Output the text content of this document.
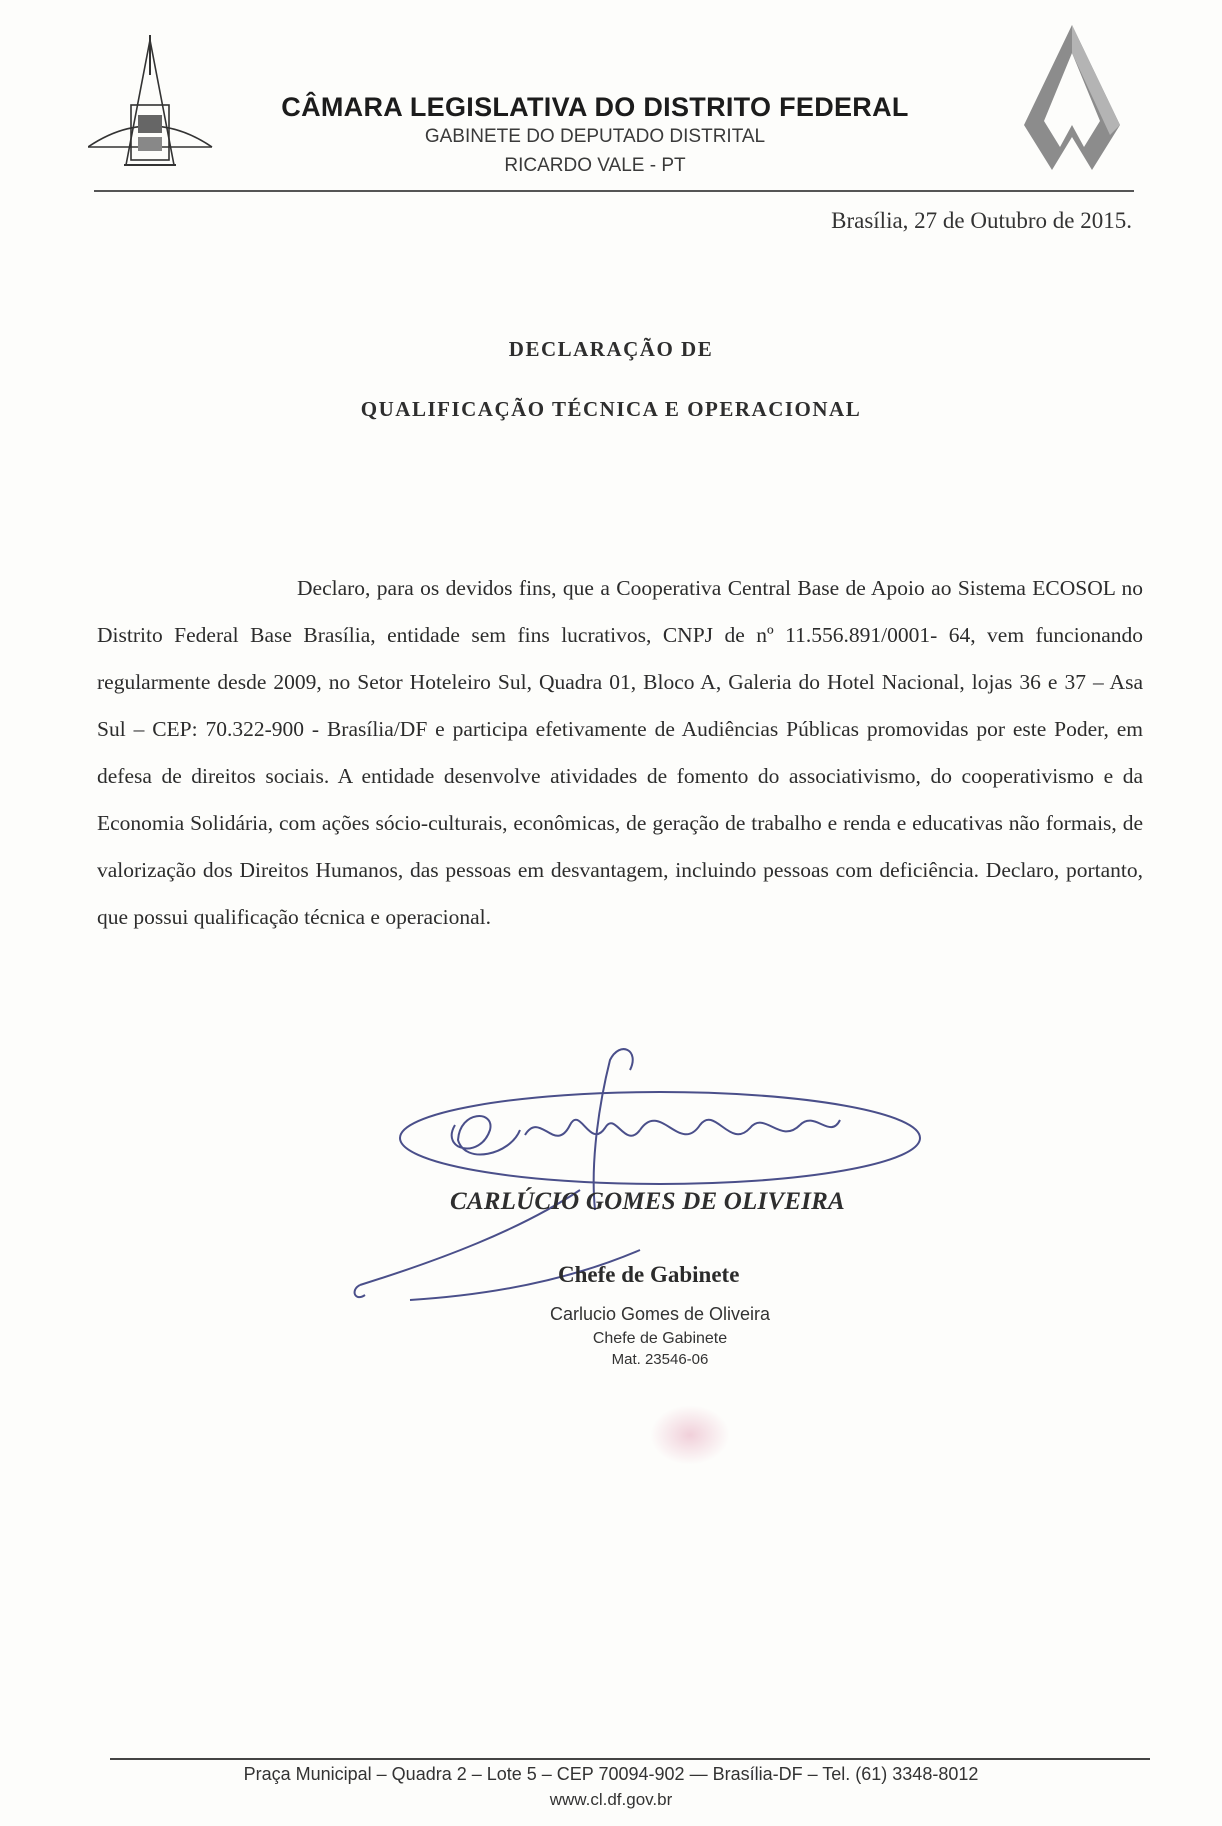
CÂMARA LEGISLATIVA DO DISTRITO FEDERAL
GABINETE DO DEPUTADO DISTRITAL
RICARDO VALE - PT
Brasília, 27 de Outubro de 2015.
DECLARAÇÃO DE
QUALIFICAÇÃO TÉCNICA E OPERACIONAL
Declaro, para os devidos fins, que a Cooperativa Central Base de Apoio ao Sistema ECOSOL no Distrito Federal Base Brasília, entidade sem fins lucrativos, CNPJ de nº 11.556.891/0001- 64, vem funcionando regularmente desde 2009, no Setor Hoteleiro Sul, Quadra 01, Bloco A, Galeria do Hotel Nacional, lojas 36 e 37 – Asa Sul – CEP: 70.322-900 - Brasília/DF e participa efetivamente de Audiências Públicas promovidas por este Poder, em defesa de direitos sociais. A entidade desenvolve atividades de fomento do associativismo, do cooperativismo e da Economia Solidária, com ações sócio-culturais, econômicas, de geração de trabalho e renda e educativas não formais, de valorização dos Direitos Humanos, das pessoas em desvantagem, incluindo pessoas com deficiência. Declaro, portanto, que possui qualificação técnica e operacional.
CARLÚCIO GOMES DE OLIVEIRA
Chefe de Gabinete
Carlucio Gomes de Oliveira
Chefe de Gabinete
Mat. 23546-06
Praça Municipal – Quadra 2 – Lote 5 – CEP 70094-902 — Brasília-DF – Tel. (61) 3348-8012
www.cl.df.gov.br
